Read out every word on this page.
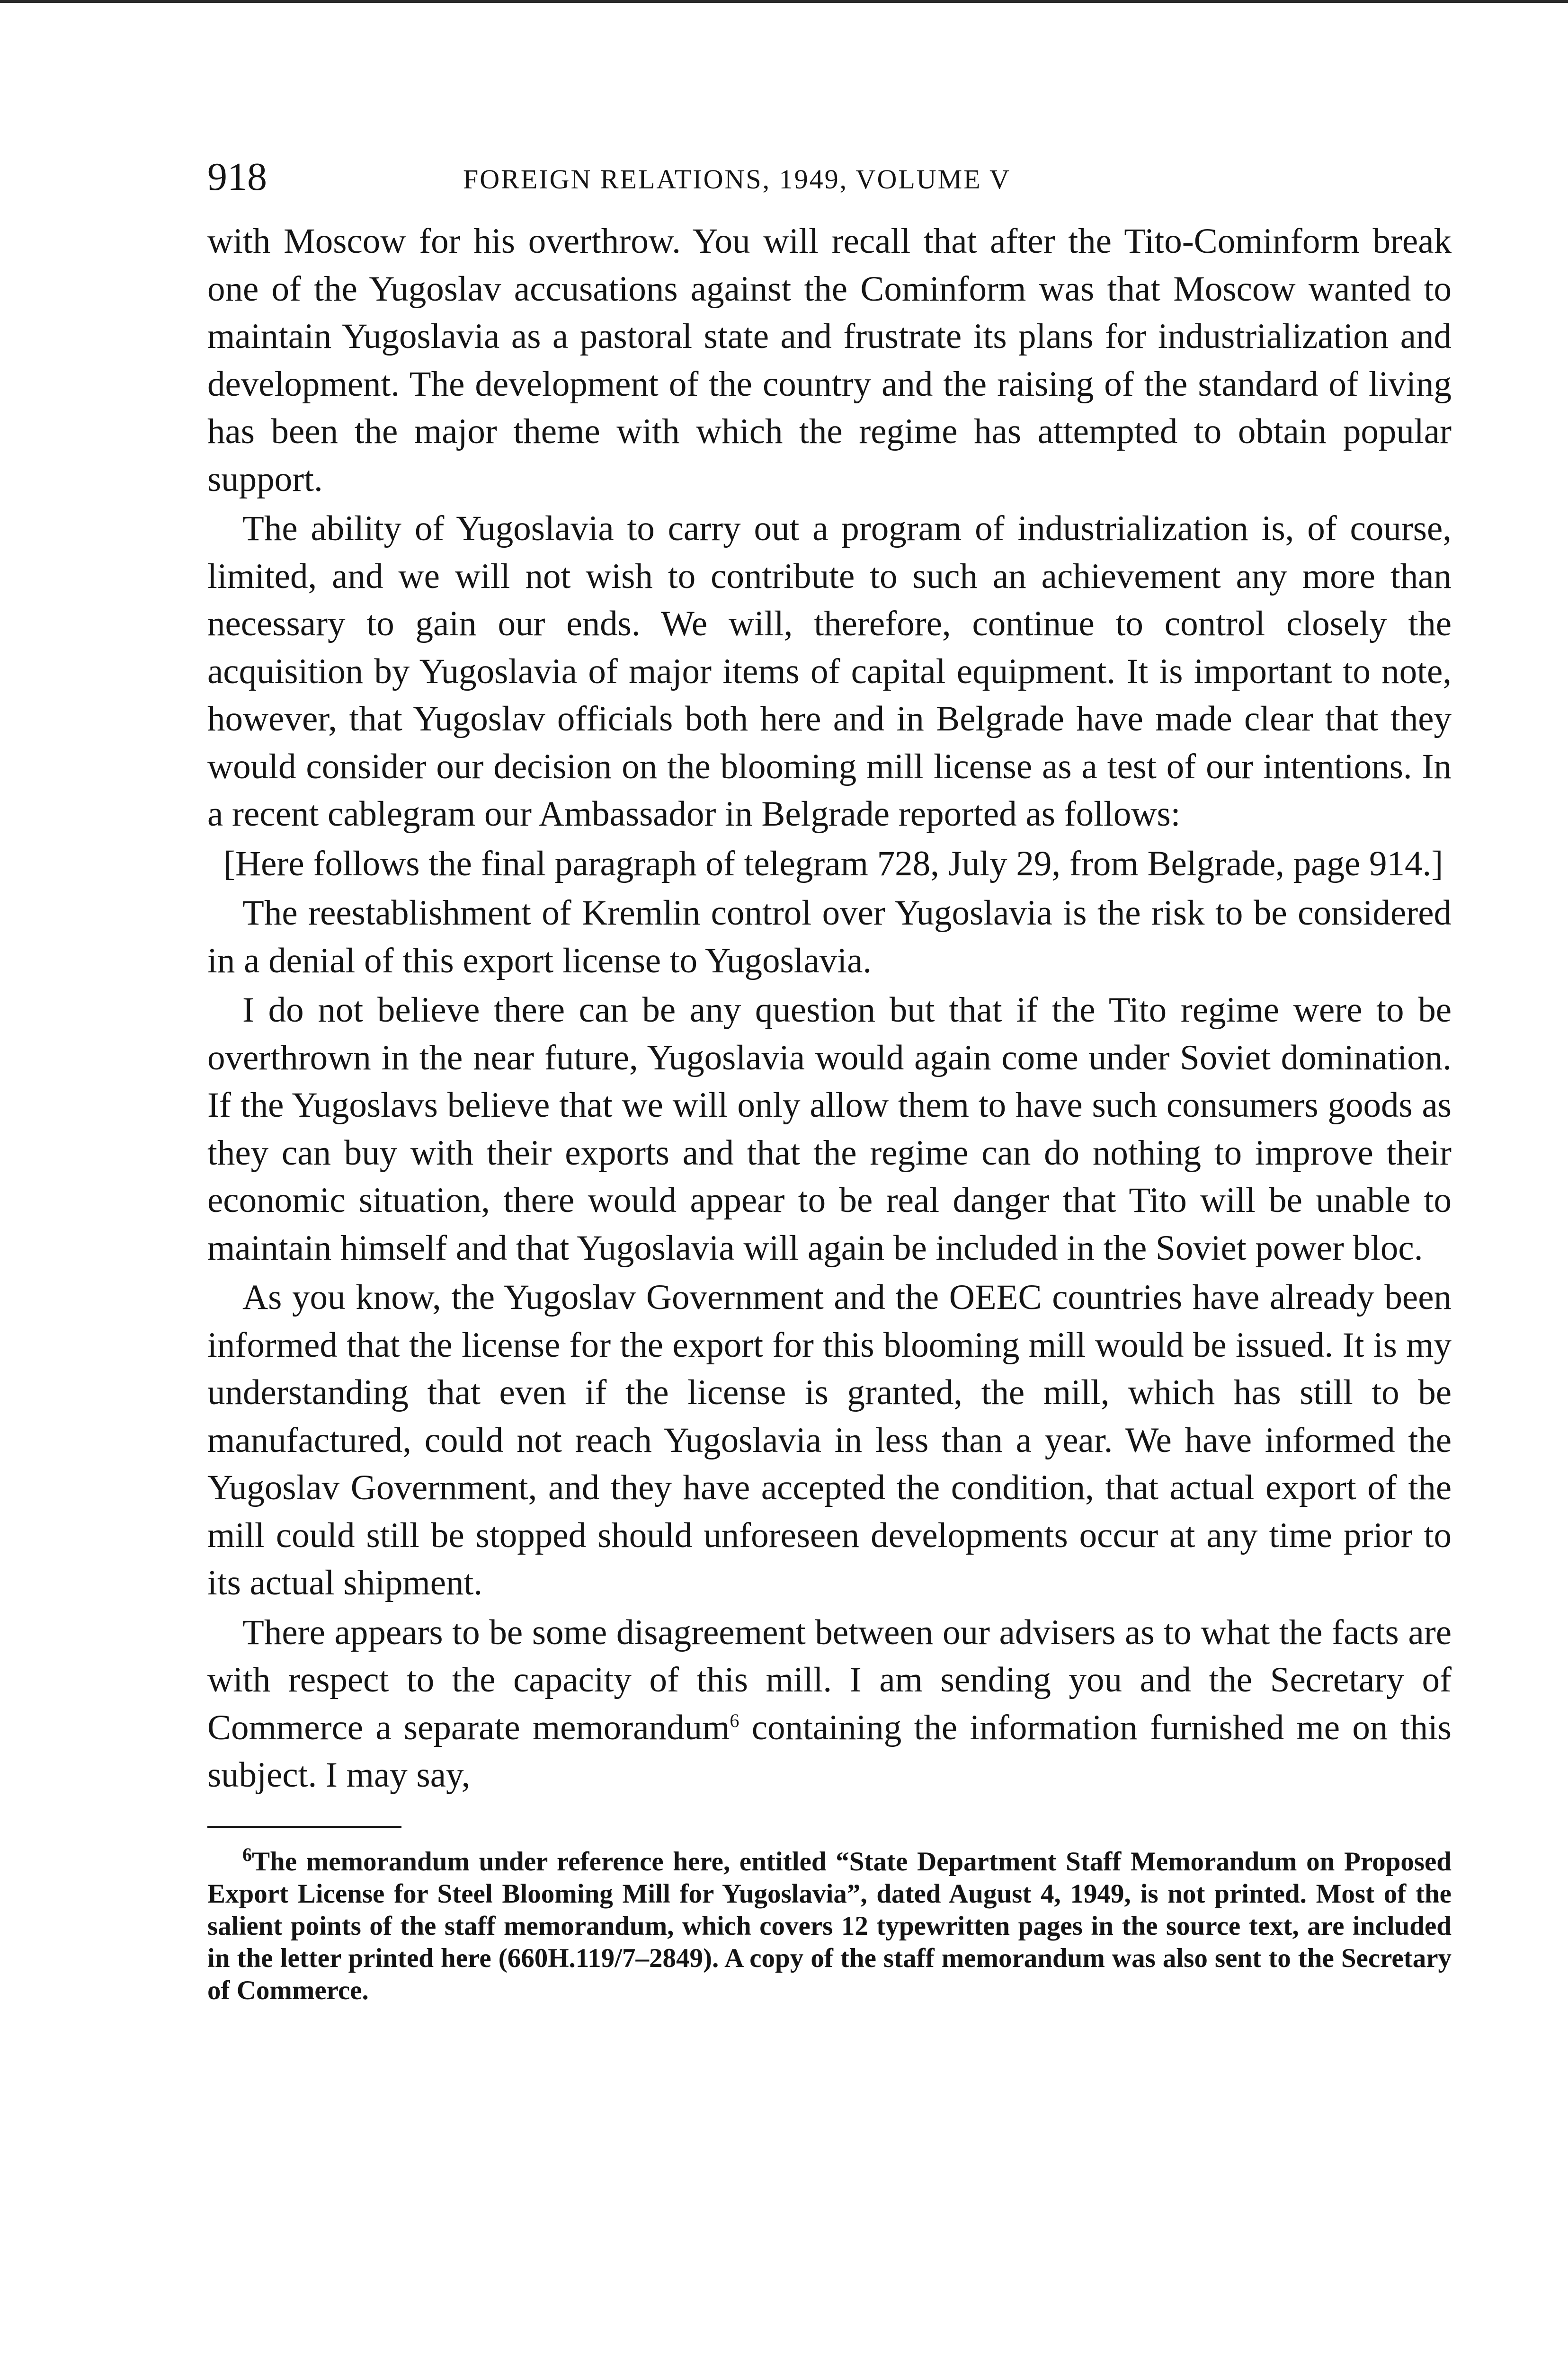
918	FOREIGN RELATIONS, 1949, VOLUME V

with Moscow for his overthrow. You will recall that after the Tito-Cominform break one of the Yugoslav accusations against the Cominform was that Moscow wanted to maintain Yugoslavia as a pastoral state and frustrate its plans for industrialization and development. The development of the country and the raising of the standard of living has been the major theme with which the regime has attempted to obtain popular support.

The ability of Yugoslavia to carry out a program of industrialization is, of course, limited, and we will not wish to contribute to such an achievement any more than necessary to gain our ends. We will, therefore, continue to control closely the acquisition by Yugoslavia of major items of capital equipment. It is important to note, however, that Yugoslav officials both here and in Belgrade have made clear that they would consider our decision on the blooming mill license as a test of our intentions. In a recent cablegram our Ambassador in Belgrade reported as follows:

[Here follows the final paragraph of telegram 728, July 29, from Belgrade, page 914.]

The reestablishment of Kremlin control over Yugoslavia is the risk to be considered in a denial of this export license to Yugoslavia.

I do not believe there can be any question but that if the Tito regime were to be overthrown in the near future, Yugoslavia would again come under Soviet domination. If the Yugoslavs believe that we will only allow them to have such consumers goods as they can buy with their exports and that the regime can do nothing to improve their economic situation, there would appear to be real danger that Tito will be unable to maintain himself and that Yugoslavia will again be included in the Soviet power bloc.

As you know, the Yugoslav Government and the OEEC countries have already been informed that the license for the export for this blooming mill would be issued. It is my understanding that even if the license is granted, the mill, which has still to be manufactured, could not reach Yugoslavia in less than a year. We have informed the Yugoslav Government, and they have accepted the condition, that actual export of the mill could still be stopped should unforeseen developments occur at any time prior to its actual shipment.

There appears to be some disagreement between our advisers as to what the facts are with respect to the capacity of this mill. I am sending you and the Secretary of Commerce a separate memorandum$^6$ containing the information furnished me on this subject. I may say,

$^6$The memorandum under reference here, entitled “State Department Staff Memorandum on Proposed Export License for Steel Blooming Mill for Yugoslavia”, dated August 4, 1949, is not printed. Most of the salient points of the staff memorandum, which covers 12 typewritten pages in the source text, are included in the letter printed here (660H.119/7–2849). A copy of the staff memorandum was also sent to the Secretary of Commerce.
